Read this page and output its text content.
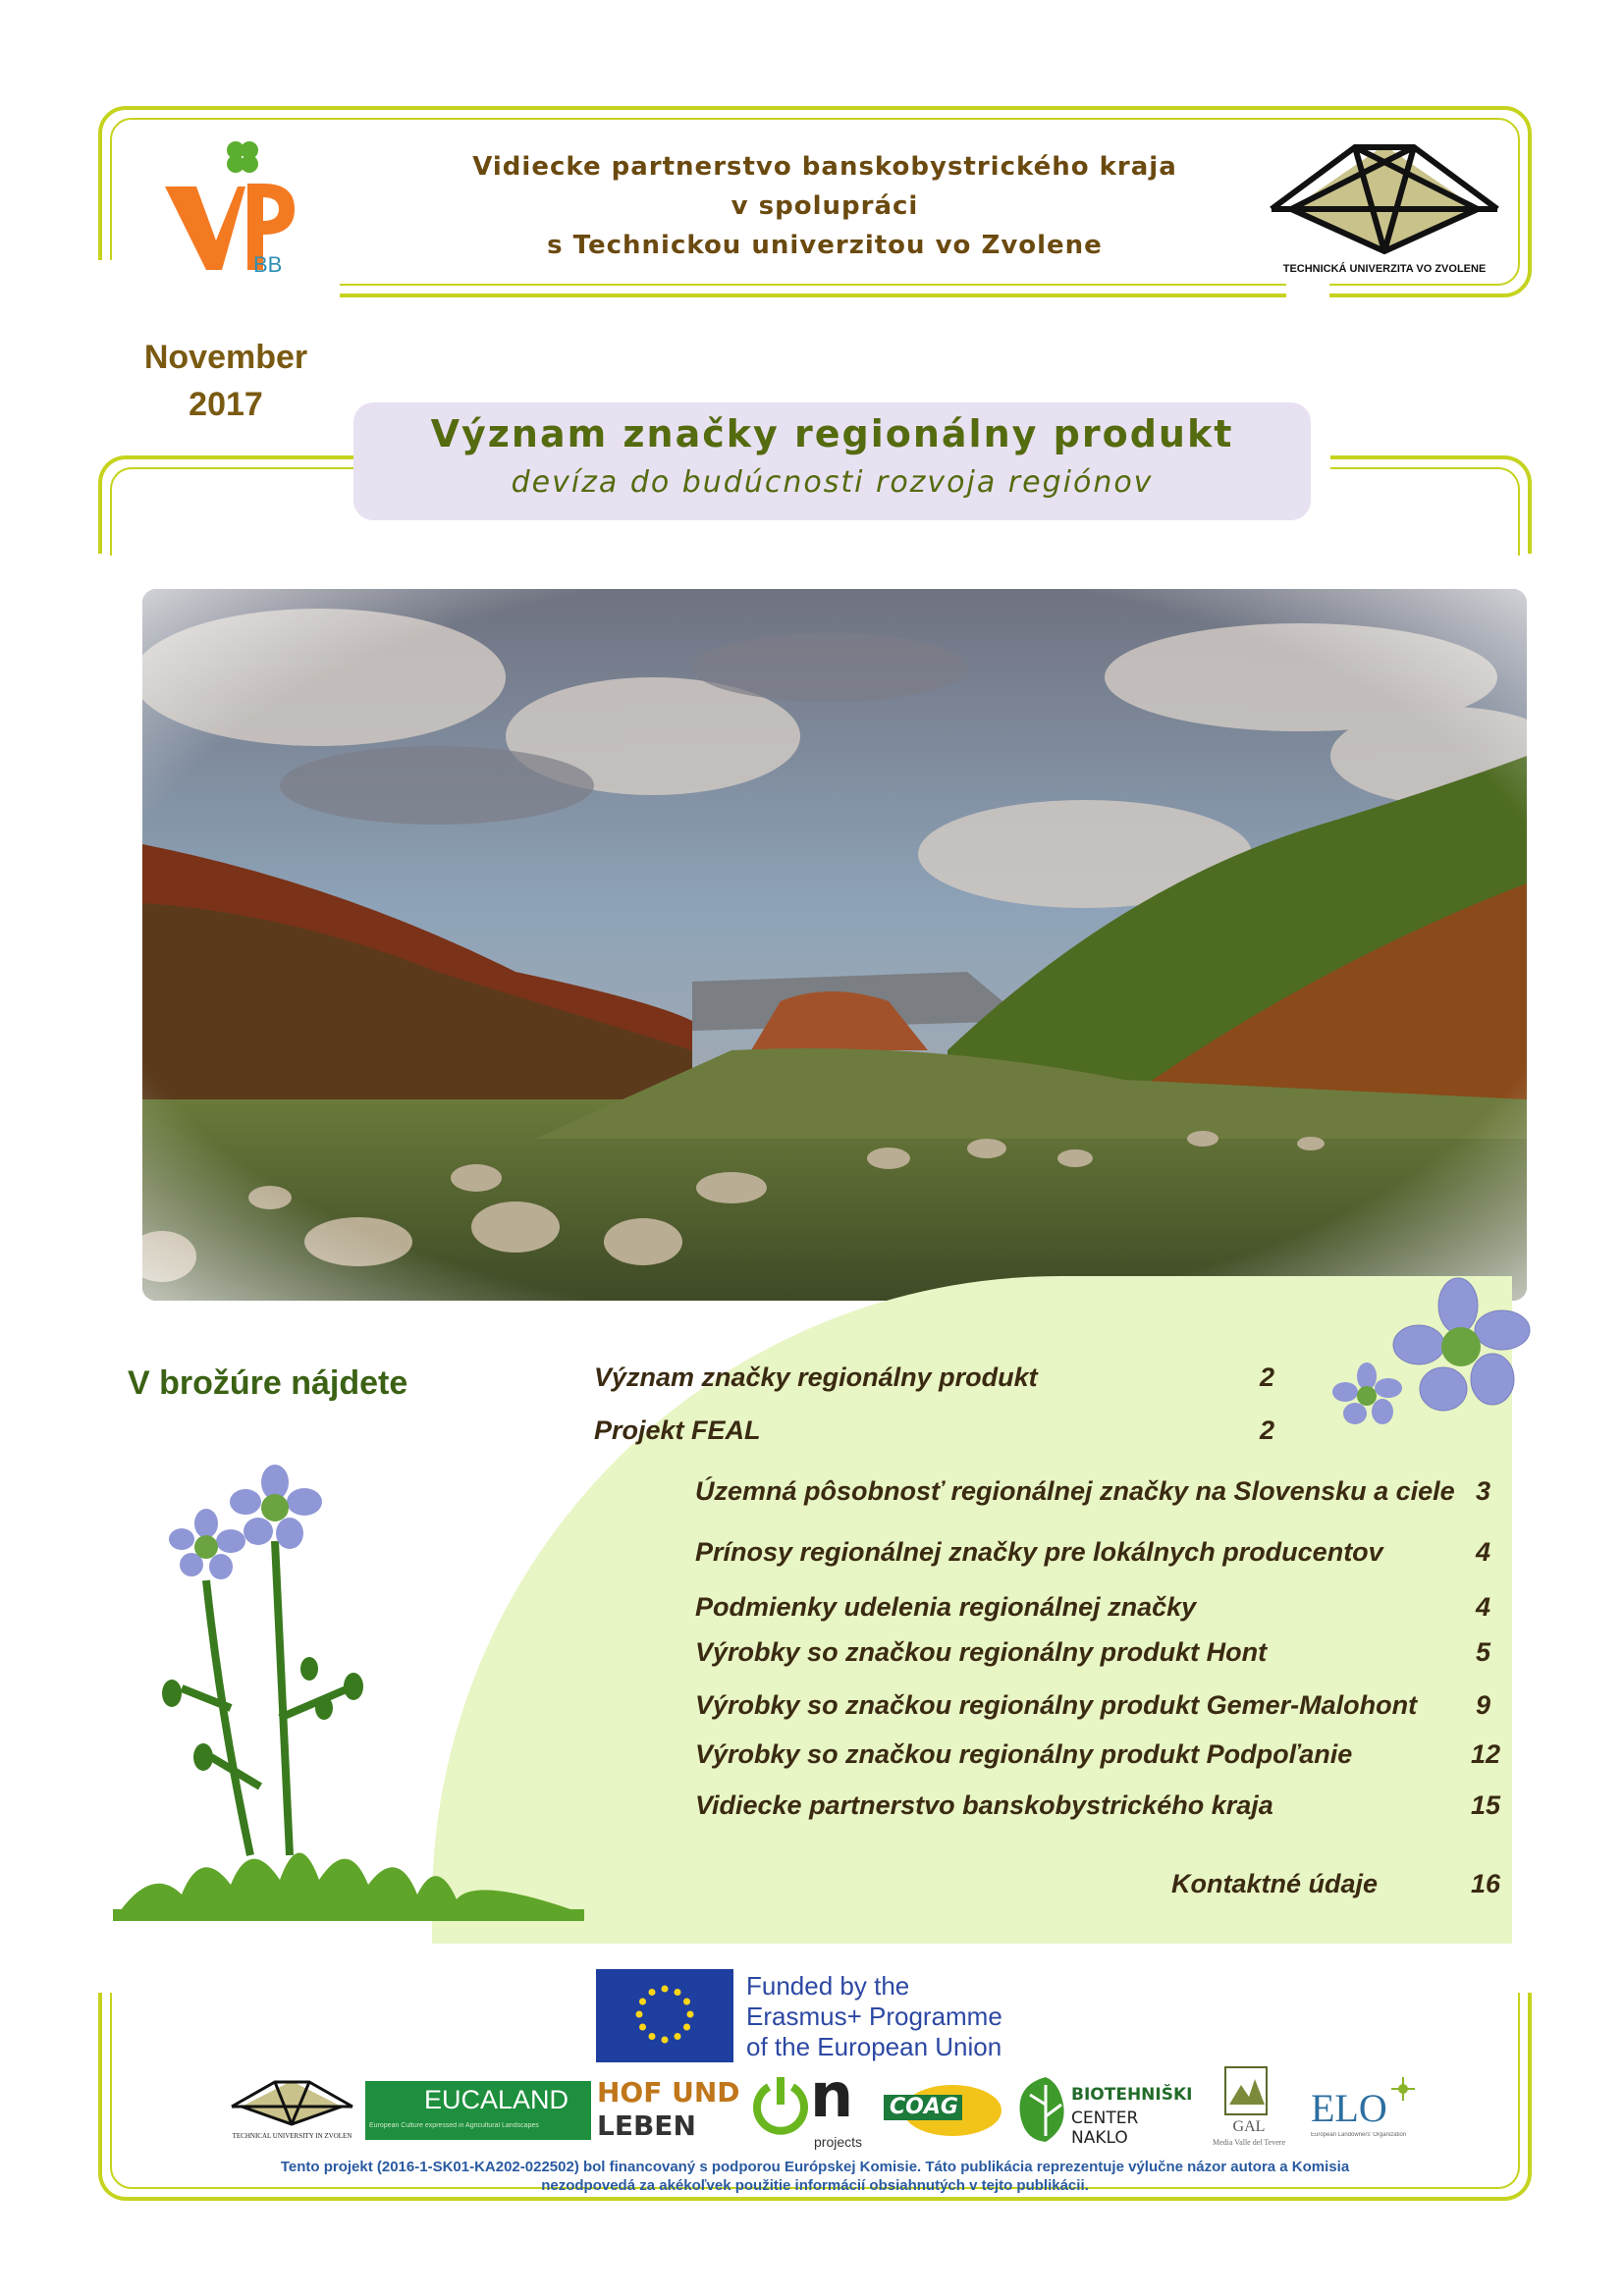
BB
Vidiecke partnerstvo banskobystrického kraja
v spolupráci
s Technickou univerzitou vo Zvolene
TECHNICKÁ UNIVERZITA VO ZVOLENE
November
2017
Význam značky regionálny produkt
devíza do budúcnosti rozvoja regiónov
V brožúre nájdete	Význam značky regionálny produkt	2
Projekt FEAL	2
Územná pôsobnosť regionálnej značky na Slovensku a ciele 3
Prínosy regionálnej značky pre lokálnych producentov	4
Podmienky udelenia regionálnej značky	4
Výrobky so značkou regionálny produkt Hont	5
Výrobky so značkou regionálny produkt Gemer-Malohont	9
Výrobky so značkou regionálny produkt Podpoľanie	12
Vidiecke partnerstvo banskobystrického kraja	15
Kontaktné údaje	16
Funded by the
Erasmus+ Programme
of the European Union
TECHNICAL UNIVERSITY IN ZVOLEN
EUCALAND
European Culture expressed in Agricultural Landscapes
HOF UND
LEBEN	n
projects
COAG	BIOTEHNIŠKI
CENTER NAKLO
GAL
Media Valle del Tevere
ELO
European Landowners' Organization
Tento projekt (2016-1-SK01-KA202-022502) bol financovaný s podporou Európskej Komisie. Táto publikácia reprezentuje výlučne názor autora a Komisia
nezodpovedá za akékoľvek použitie informácií obsiahnutých v tejto publikácii.
